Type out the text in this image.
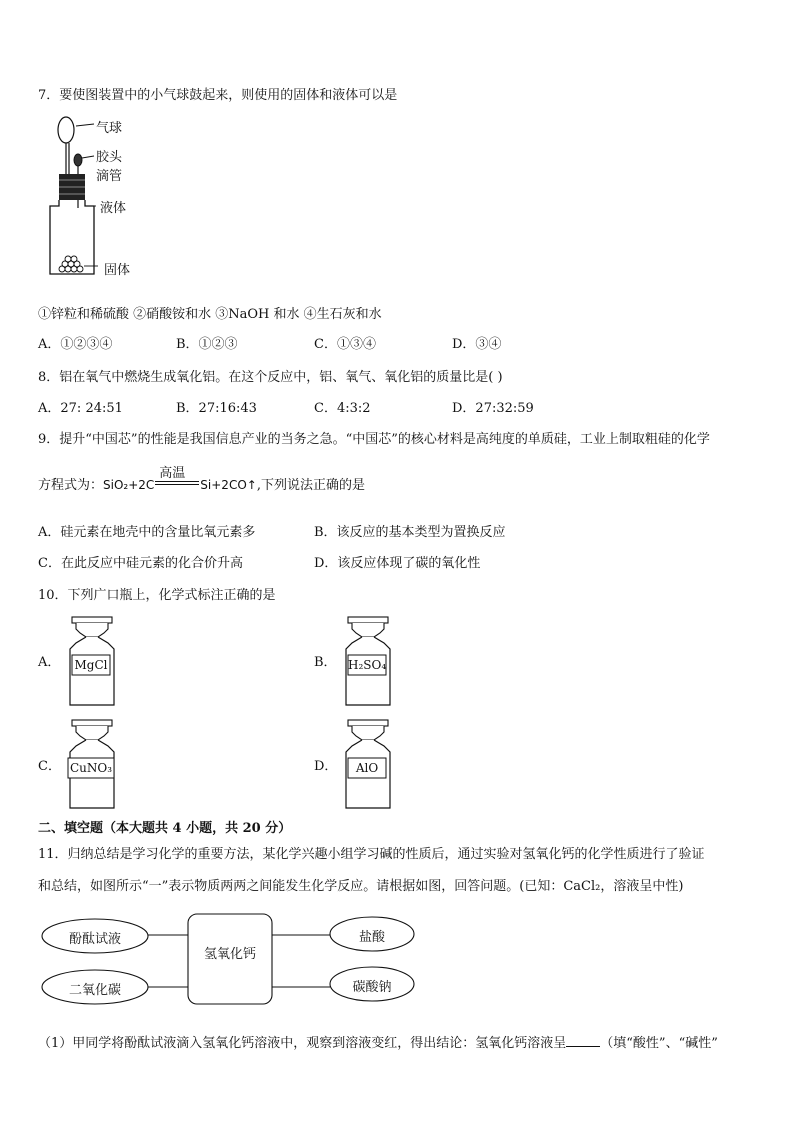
7．要使图装置中的小气球鼓起来，则使用的固体和液体可以是
气球
胶头
滴管
液体
固体
①锌粒和稀硫酸 ②硝酸铵和水 ③NaOH 和水 ④生石灰和水
A．①②③④	B．①②③	C．①③④	D．③④
8．铝在氧气中燃烧生成氧化铝。在这个反应中，铝、氧气、氧化铝的质量比是( )
A．27: 24:51	B．27:16:43	C．4:3:2	D．27:32:59
9．提升“中国芯”的性能是我国信息产业的当务之急。“中国芯”的核心材料是高纯度的单质硅，工业上制取粗硅的化学
方程式为：SiO₂+2C
高温
Si+2CO↑,下列说法正确的是
A．硅元素在地壳中的含量比氧元素多	B．该反应的基本类型为置换反应
C．在此反应中硅元素的化合价升高	D．该反应体现了碳的氧化性
10．下列广口瓶上，化学式标注正确的是
A． MgCl	B． H₂SO₄
C． CuNO₃	D．	AlO
二、填空题（本大题共 4 小题，共 20 分）
11．归纳总结是学习化学的重要方法，某化学兴趣小组学习碱的性质后，通过实验对氢氧化钙的化学性质进行了验证
和总结，如图所示“一”表示物质两两之间能发生化学反应。请根据如图，回答问题。(已知：CaCl₂，溶液呈中性)
酚酞试液
二氧化碳
氢氧化钙
盐酸
碳酸钠
（1）甲同学将酚酞试液滴入氢氧化钙溶液中，观察到溶液变红，得出结论：氢氧化钙溶液呈	（填“酸性”、“碱性”
